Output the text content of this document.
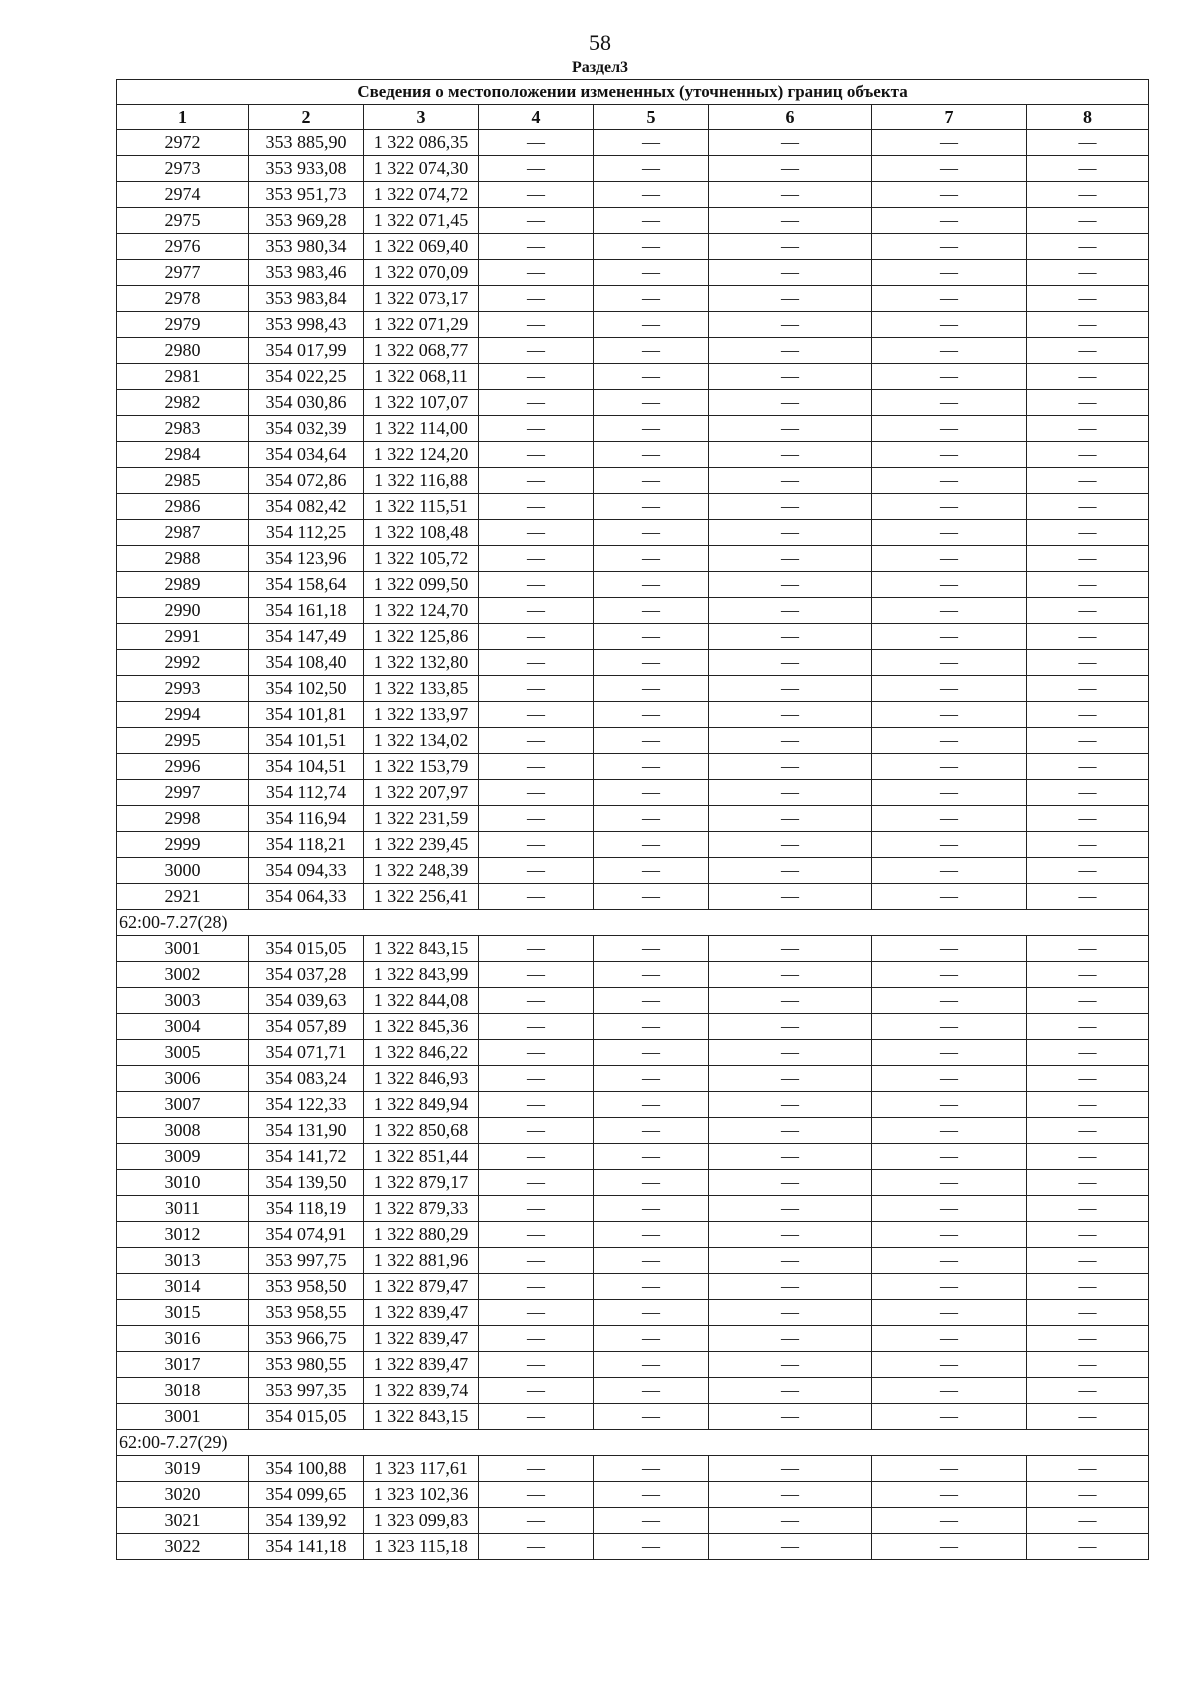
58
Раздел3
Сведения о местоположении измененных (уточненных) границ объекта							
1	2	3	4	5	6	7	8
2972	353 885,90	1 322 086,35	—	—	—	—	—
2973	353 933,08	1 322 074,30	—	—	—	—	—
2974	353 951,73	1 322 074,72	—	—	—	—	—
2975	353 969,28	1 322 071,45	—	—	—	—	—
2976	353 980,34	1 322 069,40	—	—	—	—	—
2977	353 983,46	1 322 070,09	—	—	—	—	—
2978	353 983,84	1 322 073,17	—	—	—	—	—
2979	353 998,43	1 322 071,29	—	—	—	—	—
2980	354 017,99	1 322 068,77	—	—	—	—	—
2981	354 022,25	1 322 068,11	—	—	—	—	—
2982	354 030,86	1 322 107,07	—	—	—	—	—
2983	354 032,39	1 322 114,00	—	—	—	—	—
2984	354 034,64	1 322 124,20	—	—	—	—	—
2985	354 072,86	1 322 116,88	—	—	—	—	—
2986	354 082,42	1 322 115,51	—	—	—	—	—
2987	354 112,25	1 322 108,48	—	—	—	—	—
2988	354 123,96	1 322 105,72	—	—	—	—	—
2989	354 158,64	1 322 099,50	—	—	—	—	—
2990	354 161,18	1 322 124,70	—	—	—	—	—
2991	354 147,49	1 322 125,86	—	—	—	—	—
2992	354 108,40	1 322 132,80	—	—	—	—	—
2993	354 102,50	1 322 133,85	—	—	—	—	—
2994	354 101,81	1 322 133,97	—	—	—	—	—
2995	354 101,51	1 322 134,02	—	—	—	—	—
2996	354 104,51	1 322 153,79	—	—	—	—	—
2997	354 112,74	1 322 207,97	—	—	—	—	—
2998	354 116,94	1 322 231,59	—	—	—	—	—
2999	354 118,21	1 322 239,45	—	—	—	—	—
3000	354 094,33	1 322 248,39	—	—	—	—	—
2921	354 064,33	1 322 256,41	—	—	—	—	—
62:00-7.27(28)							
3001	354 015,05	1 322 843,15	—	—	—	—	—
3002	354 037,28	1 322 843,99	—	—	—	—	—
3003	354 039,63	1 322 844,08	—	—	—	—	—
3004	354 057,89	1 322 845,36	—	—	—	—	—
3005	354 071,71	1 322 846,22	—	—	—	—	—
3006	354 083,24	1 322 846,93	—	—	—	—	—
3007	354 122,33	1 322 849,94	—	—	—	—	—
3008	354 131,90	1 322 850,68	—	—	—	—	—
3009	354 141,72	1 322 851,44	—	—	—	—	—
3010	354 139,50	1 322 879,17	—	—	—	—	—
3011	354 118,19	1 322 879,33	—	—	—	—	—
3012	354 074,91	1 322 880,29	—	—	—	—	—
3013	353 997,75	1 322 881,96	—	—	—	—	—
3014	353 958,50	1 322 879,47	—	—	—	—	—
3015	353 958,55	1 322 839,47	—	—	—	—	—
3016	353 966,75	1 322 839,47	—	—	—	—	—
3017	353 980,55	1 322 839,47	—	—	—	—	—
3018	353 997,35	1 322 839,74	—	—	—	—	—
3001	354 015,05	1 322 843,15	—	—	—	—	—
62:00-7.27(29)							
3019	354 100,88	1 323 117,61	—	—	—	—	—
3020	354 099,65	1 323 102,36	—	—	—	—	—
3021	354 139,92	1 323 099,83	—	—	—	—	—
3022	354 141,18	1 323 115,18	—	—	—	—	—
